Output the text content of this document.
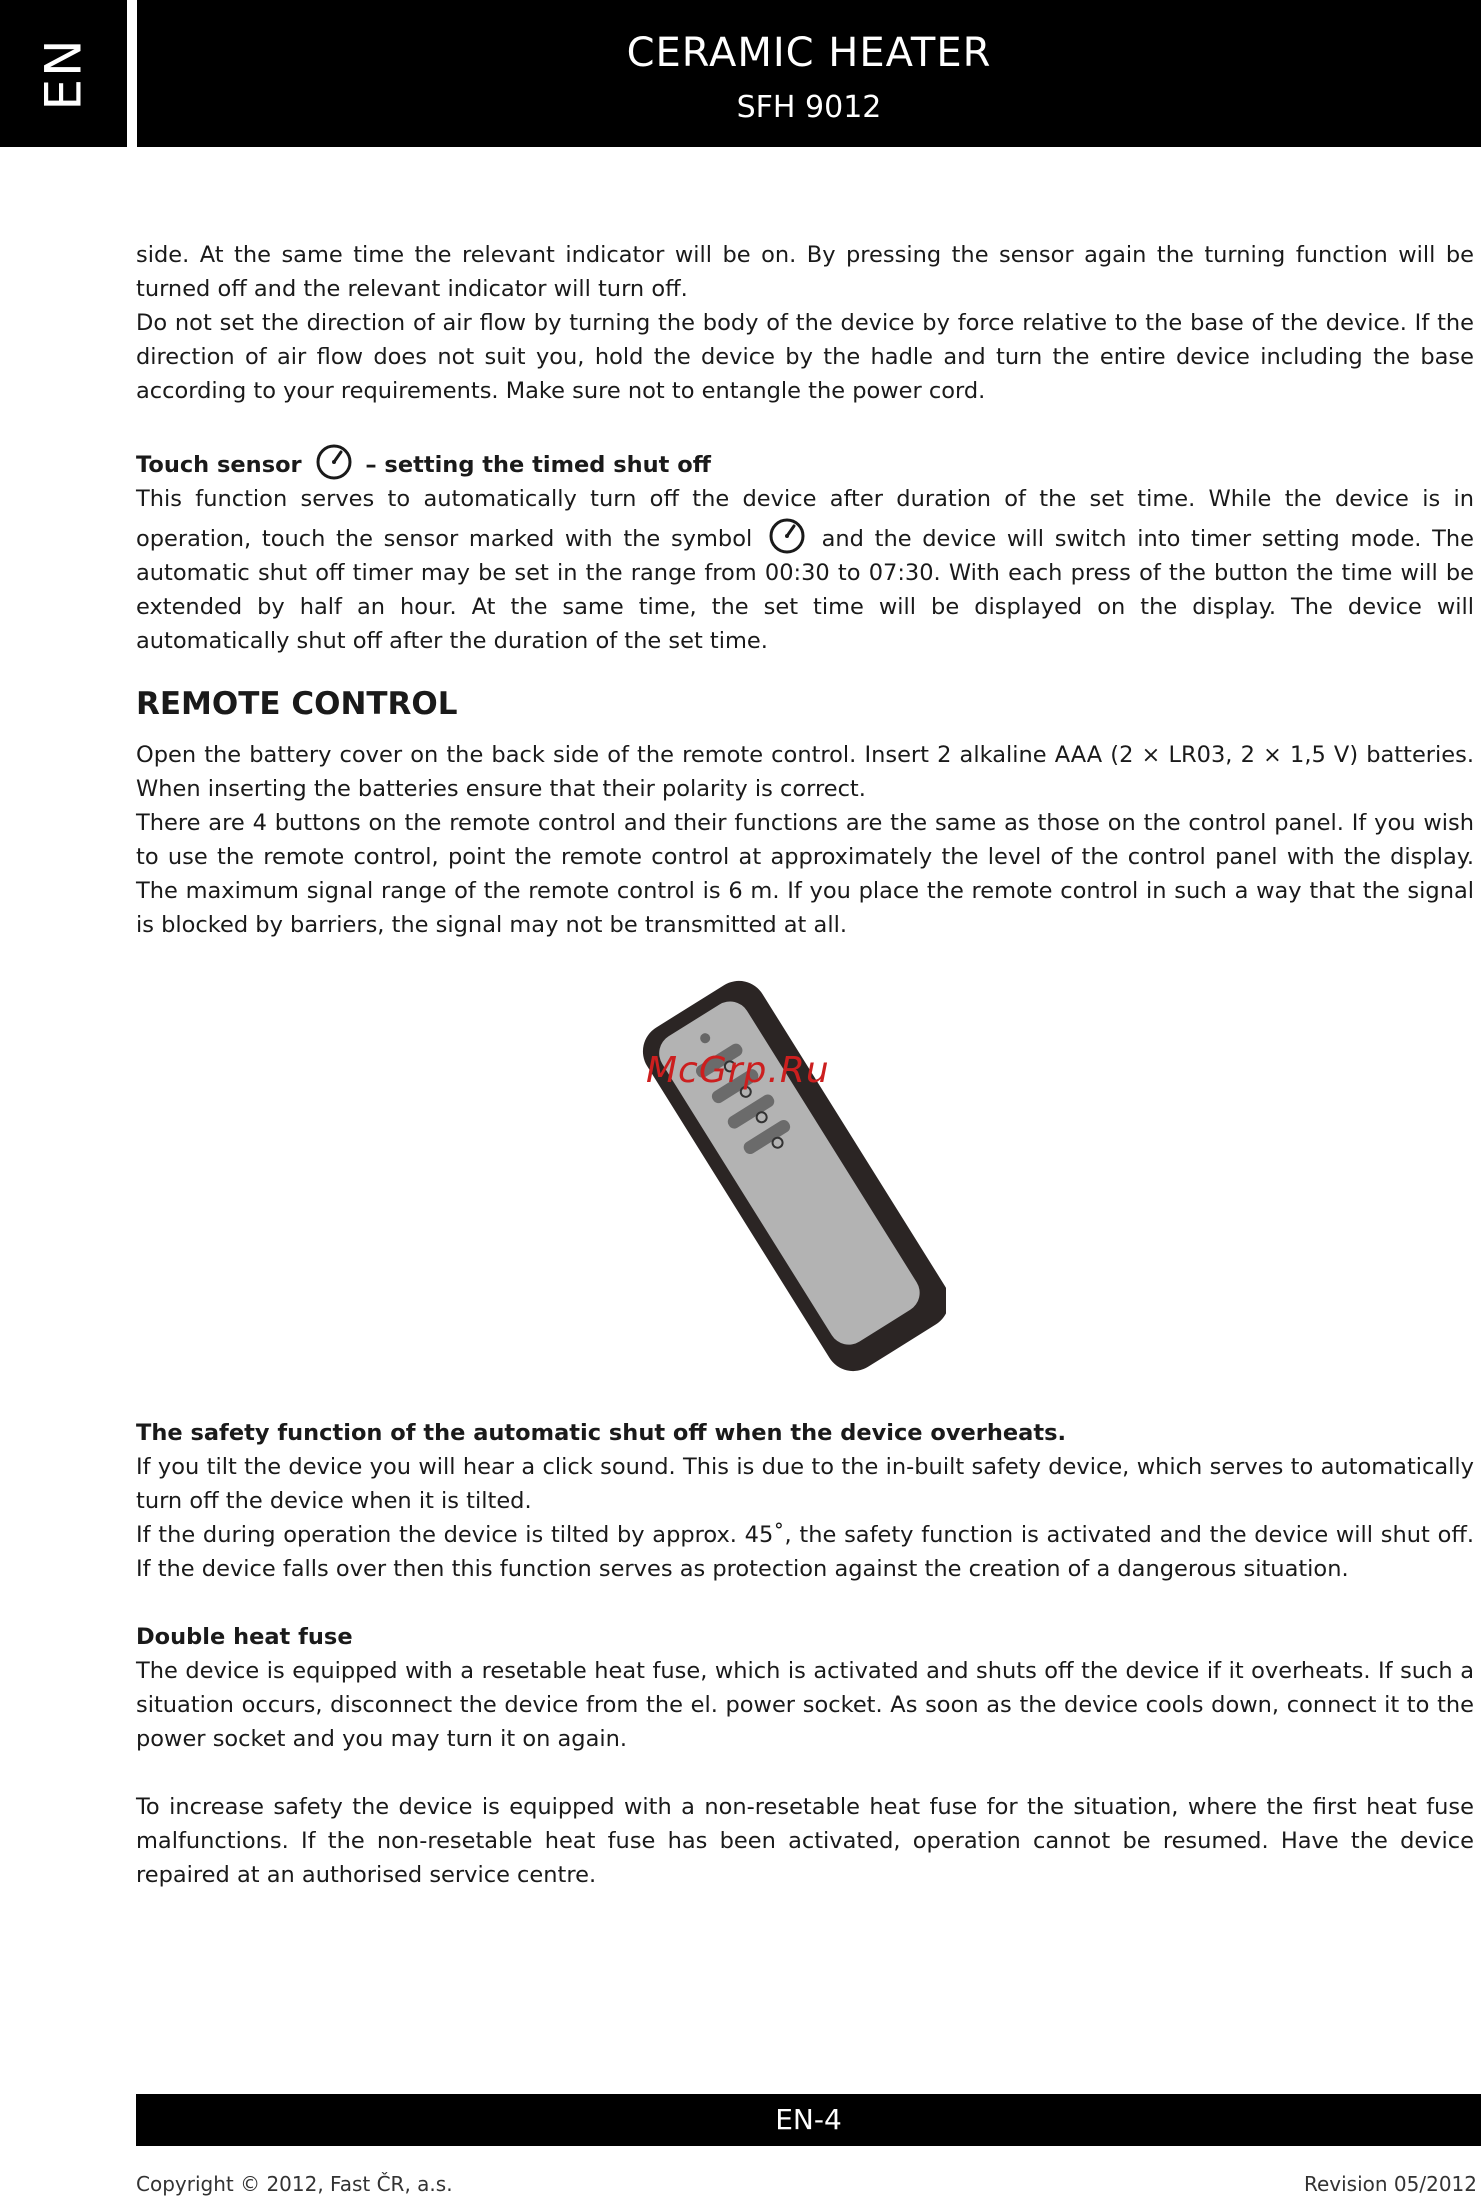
EN	CERAMIC HEATER
SFH 9012

side. At the same time the relevant indicator will be on. By pressing the sensor again the turning function will be turned off and the relevant indicator will turn off.

Do not set the direction of air flow by turning the body of the device by force relative to the base of the device. If the direction of air flow does not suit you, hold the device by the hadle and turn the entire device including the base according to your requirements. Make sure not to entangle the power cord.

Touch sensor	– setting the timed shut off

This function serves to automatically turn off the device after duration of the set time. While the device is in operation, touch the sensor marked with the symbol	and the device will switch into timer setting mode. The automatic shut off timer may be set in the range from 00:30 to 07:30. With each press of the button the time will be extended by half an hour. At the same time, the set time will be displayed on the display. The device will automatically shut off after the duration of the set time.

REMOTE CONTROL

Open the battery cover on the back side of the remote control. Insert 2 alkaline AAA (2 × LR03, 2 × 1,5 V) batteries. When inserting the batteries ensure that their polarity is correct.

There are 4 buttons on the remote control and their functions are the same as those on the control panel. If you wish to use the remote control, point the remote control at approximately the level of the control panel with the display. The maximum signal range of the remote control is 6 m. If you place the remote control in such a way that the signal is blocked by barriers, the signal may not be transmitted at all.

McGrp.Ru

The safety function of the automatic shut off when the device overheats.

If you tilt the device you will hear a click sound. This is due to the in-built safety device, which serves to automatically turn off the device when it is tilted.

If the during operation the device is tilted by approx. 45˚, the safety function is activated and the device will shut off. If the device falls over then this function serves as protection against the creation of a dangerous situation.

Double heat fuse

The device is equipped with a resetable heat fuse, which is activated and shuts off the device if it overheats. If such a situation occurs, disconnect the device from the el. power socket. As soon as the device cools down, connect it to the power socket and you may turn it on again.

To increase safety the device is equipped with a non-resetable heat fuse for the situation, where the first heat fuse malfunctions. If the non-resetable heat fuse has been activated, operation cannot be resumed. Have the device repaired at an authorised service centre.

EN-4
Copyright © 2012, Fast ČR, a.s.	Revision 05/2012
